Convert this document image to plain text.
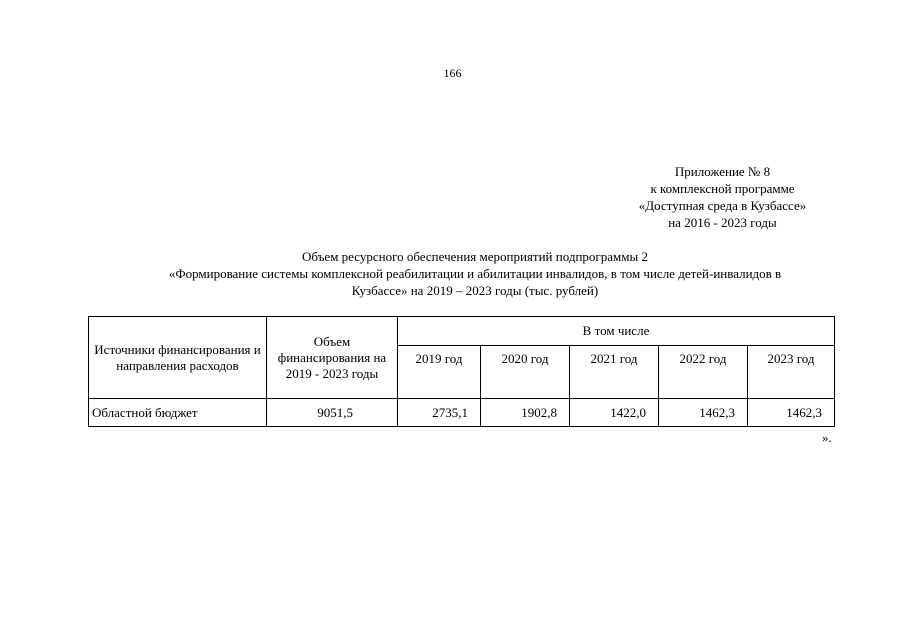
166
Приложение № 8
к комплексной программе
«Доступная среда в Кузбассе»
на 2016 - 2023 годы
Объем ресурсного обеспечения мероприятий подпрограммы 2
«Формирование системы комплексной реабилитации и абилитации инвалидов, в том числе детей-инвалидов в
Кузбассе» на 2019 – 2023 годы (тыс. рублей)
Источники финансирования и направления расходов	Объем финансирования на 2019 - 2023 годы	В том числе				
		2019 год	2020 год	2021 год	2022 год	2023 год
Областной бюджет	9051,5	2735,1	1902,8	1422,0	1462,3	1462,3
».
